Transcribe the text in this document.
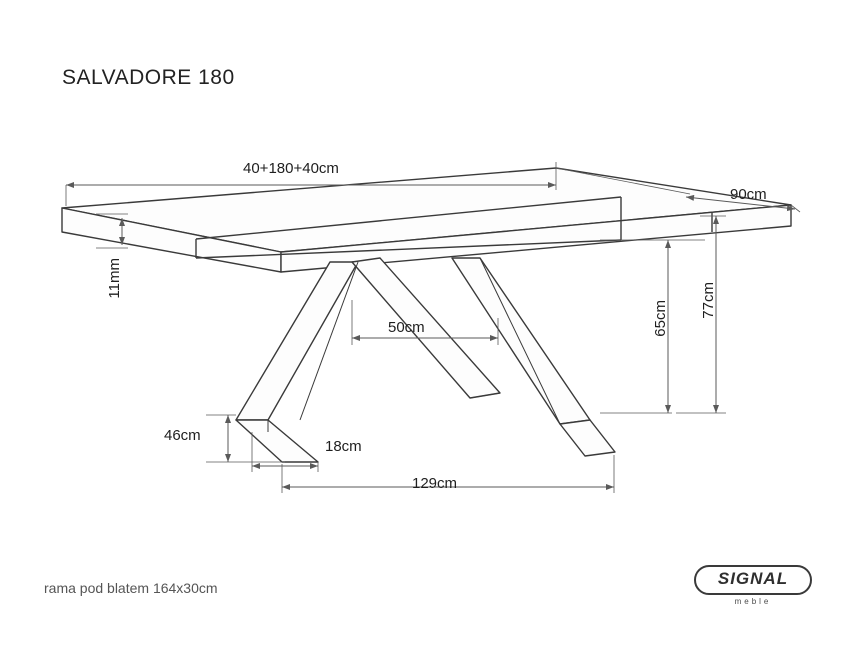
SALVADORE 180
40+180+40cm
90cm
11mm
50cm	65cm 77cm
46cm
18cm
129cm
rama pod blatem 164x30cm	SIGNAL
meble
